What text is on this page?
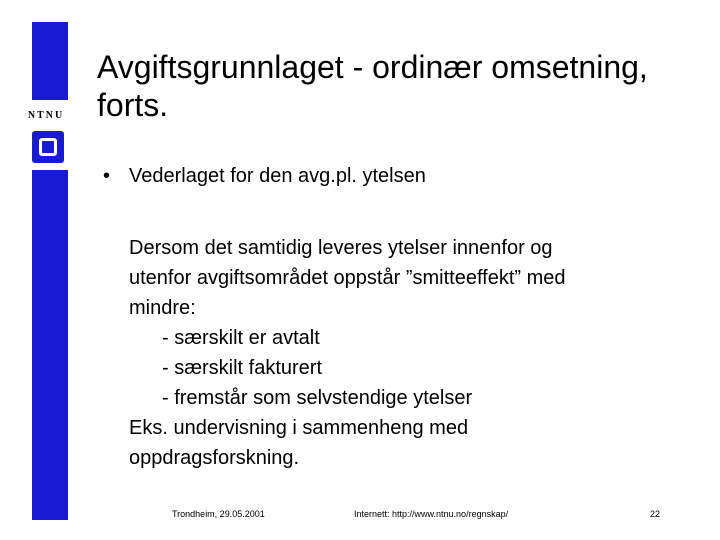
NTNU
Avgiftsgrunnlaget - ordinær omsetning, forts.
• Vederlaget for den avg.pl. ytelsen
Dersom det samtidig leveres ytelser innenfor og
utenfor avgiftsområdet oppstår ”smitteeffekt” med
mindre:
- særskilt er avtalt
- særskilt fakturert
- fremstår som selvstendige ytelser
Eks. undervisning i sammenheng med
oppdragsforskning.
Trondheim, 29.05.2001	Internett: http://www.ntnu.no/regnskap/	22
